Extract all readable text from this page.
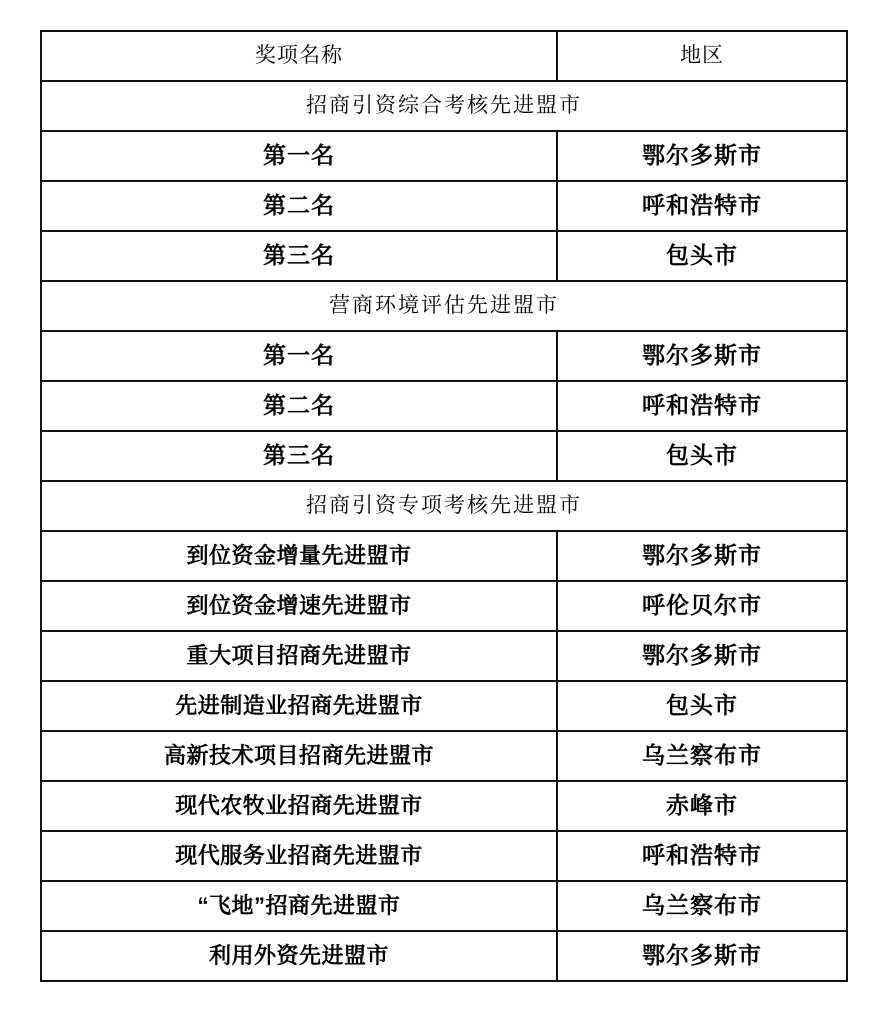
奖项名称	地区
招商引资综合考核先进盟市	
第一名	鄂尔多斯市
第二名	呼和浩特市
第三名	包头市
营商环境评估先进盟市	
第一名	鄂尔多斯市
第二名	呼和浩特市
第三名	包头市
招商引资专项考核先进盟市	
到位资金增量先进盟市	鄂尔多斯市
到位资金增速先进盟市	呼伦贝尔市
重大项目招商先进盟市	鄂尔多斯市
先进制造业招商先进盟市	包头市
高新技术项目招商先进盟市	乌兰察布市
现代农牧业招商先进盟市	赤峰市
现代服务业招商先进盟市	呼和浩特市
“飞地”招商先进盟市	乌兰察布市
利用外资先进盟市	鄂尔多斯市
